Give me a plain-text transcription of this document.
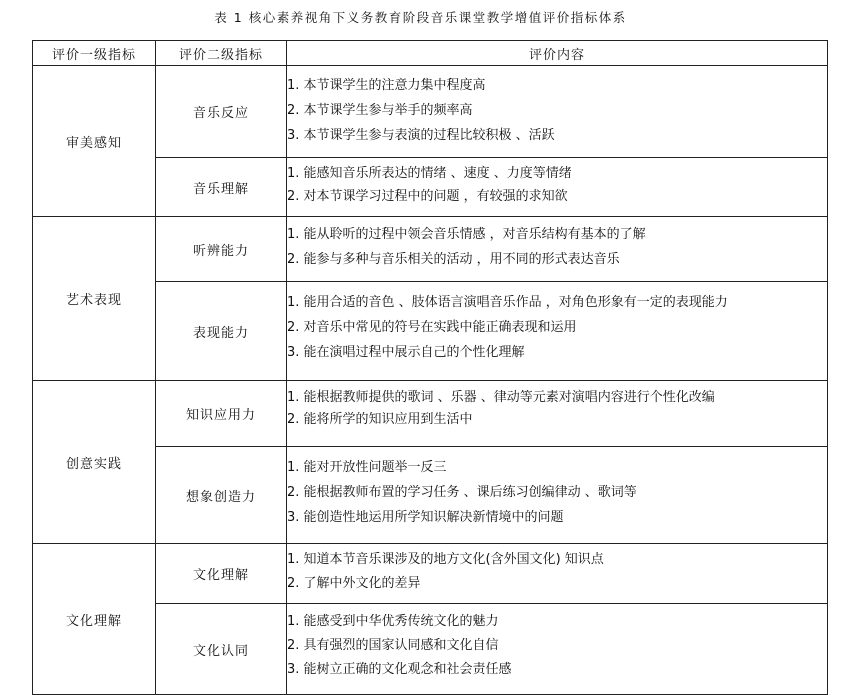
表 1 核心素养视角下义务教育阶段音乐课堂教学增值评价指标体系
评价一级指标	评价二级指标	评价内容
审美感知	音乐反应	1. 本节课学生的注意力集中程度高
2. 本节课学生参与举手的频率高
3. 本节课学生参与表演的过程比较积极 、活跃

	音乐理解	1. 能感知音乐所表达的情绪 、速度 、力度等情绪
2. 对本节课学习过程中的问题 ，有较强的求知欲

艺术表现	听辨能力	1. 能从聆听的过程中领会音乐情感 ，对音乐结构有基本的了解
2. 能参与多种与音乐相关的活动 ，用不同的形式表达音乐

	表现能力	1. 能用合适的音色 、肢体语言演唱音乐作品 ，对角色形象有一定的表现能力
2. 对音乐中常见的符号在实践中能正确表现和运用
3. 能在演唱过程中展示自己的个性化理解

创意实践	知识应用力	1. 能根据教师提供的歌词 、乐器 、律动等元素对演唱内容进行个性化改编
2. 能将所学的知识应用到生活中

	想象创造力	1. 能对开放性问题举一反三
2. 能根据教师布置的学习任务 、课后练习创编律动 、歌词等
3. 能创造性地运用所学知识解决新情境中的问题

文化理解	文化理解	1. 知道本节音乐课涉及的地方文化(含外国文化) 知识点
2. 了解中外文化的差异

	文化认同	1. 能感受到中华优秀传统文化的魅力
2. 具有强烈的国家认同感和文化自信
3. 能树立正确的文化观念和社会责任感
